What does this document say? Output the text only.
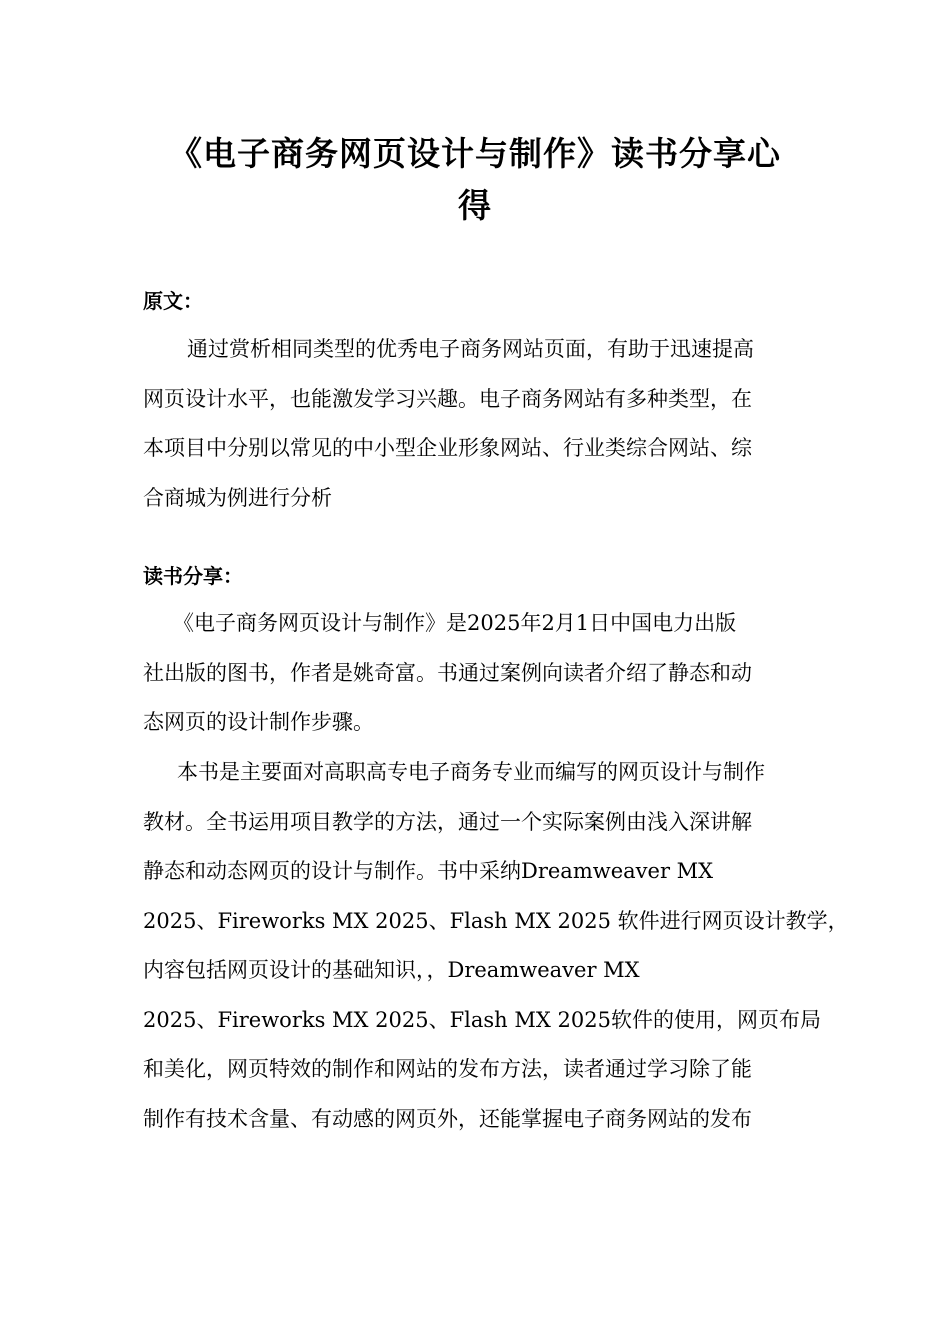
《电子商务网页设计与制作》读书分享心
得
原文：
通过赏析相同类型的优秀电子商务网站页面，有助于迅速提高
网页设计水平，也能激发学习兴趣。电子商务网站有多种类型，在
本项目中分别以常见的中小型企业形象网站、行业类综合网站、综
合商城为例进行分析
读书分享：
《电子商务网页设计与制作》是2025年2月1日中国电力出版
社出版的图书，作者是姚奇富。书通过案例向读者介绍了静态和动
态网页的设计制作步骤。
本书是主要面对高职高专电子商务专业而编写的网页设计与制作
教材。全书运用项目教学的方法，通过一个实际案例由浅入深讲解
静态和动态网页的设计与制作。书中采纳Dreamweaver MX
2025、Fireworks MX 2025、Flash MX 2025 软件进行网页设计教学，
内容包括网页设计的基础知识，，Dreamweaver MX
2025、Fireworks MX 2025、Flash MX 2025软件的使用，网页布局
和美化，网页特效的制作和网站的发布方法，读者通过学习除了能
制作有技术含量、有动感的网页外，还能掌握电子商务网站的发布
